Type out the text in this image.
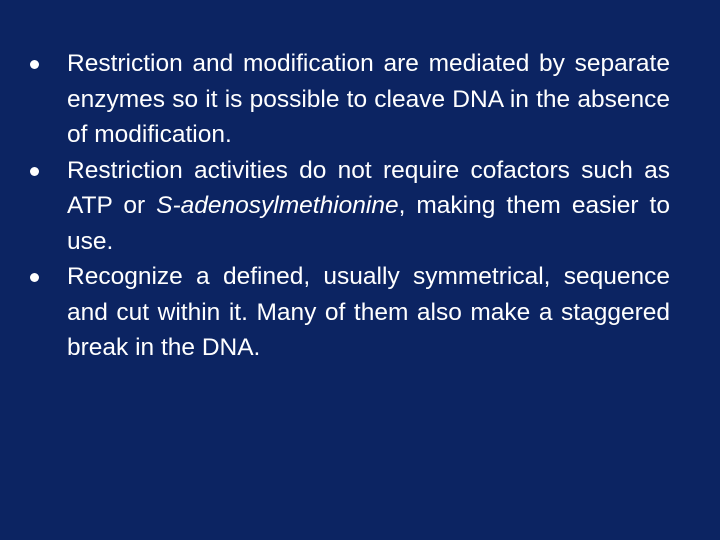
Restriction and modification are mediated by separate enzymes so it is possible to cleave DNA in the absence of modification.
Restriction activities do not require cofactors such as ATP or S-adenosylmethionine, making them easier to use.
Recognize a defined, usually symmetrical, sequence and cut within it. Many of them also make a staggered break in the DNA.
